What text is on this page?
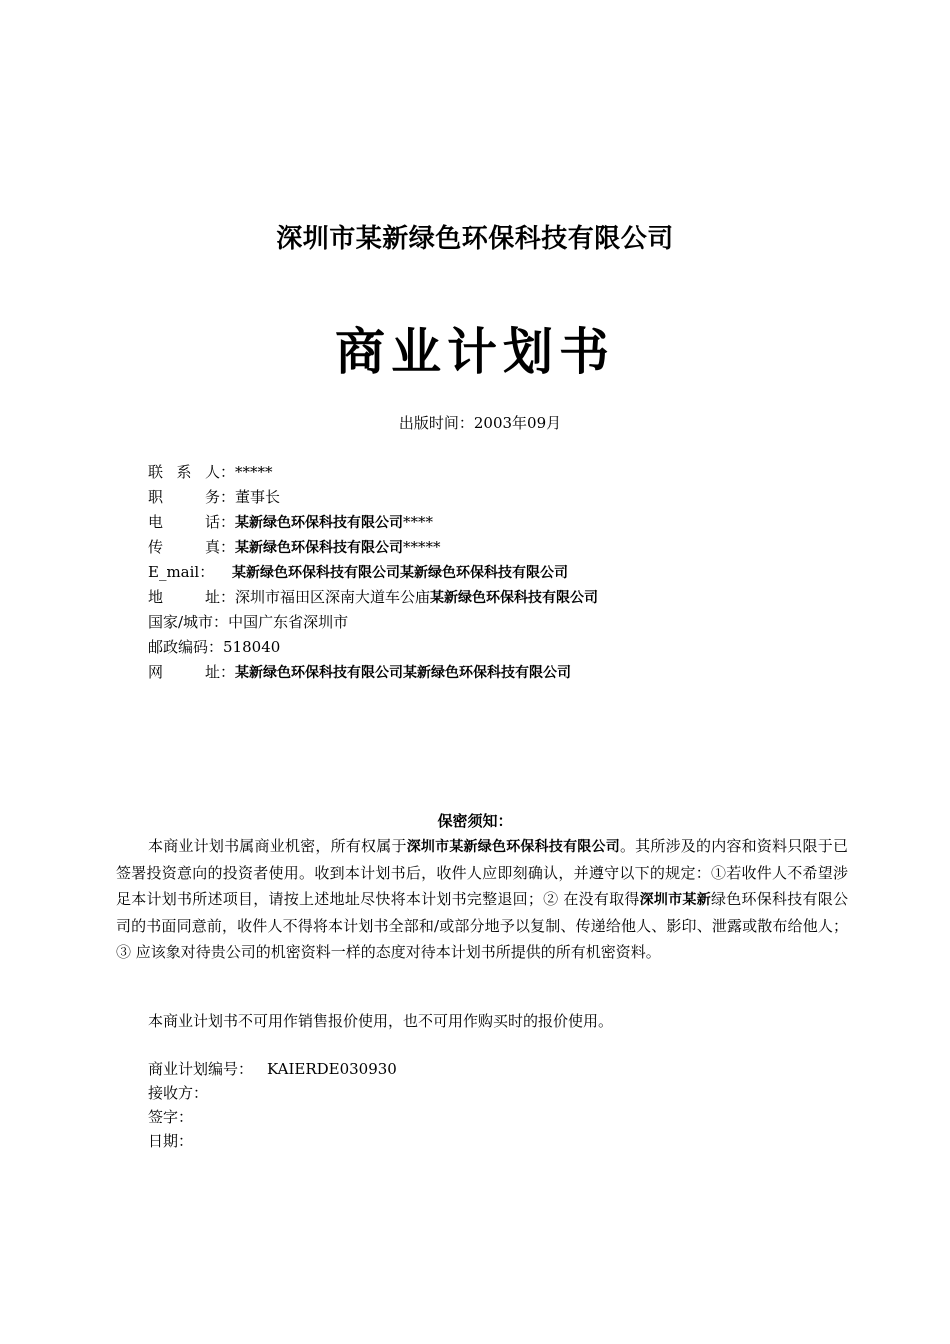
深圳市某新绿色环保科技有限公司
商业计划书
出版时间：2003年09月
联系人：*****
职务：董事长
电话：某新绿色环保科技有限公司****
传真：某新绿色环保科技有限公司*****
E_mail： 某新绿色环保科技有限公司某新绿色环保科技有限公司
地址：深圳市福田区深南大道车公庙某新绿色环保科技有限公司
国家/城市：中国广东省深圳市
邮政编码：518040
网址：某新绿色环保科技有限公司某新绿色环保科技有限公司
保密须知：
本商业计划书属商业机密，所有权属于深圳市某新绿色环保科技有限公司。其所涉及的内容和资料只限于已签署投资意向的投资者使用。收到本计划书后，收件人应即刻确认，并遵守以下的规定：①若收件人不希望涉足本计划书所述项目，请按上述地址尽快将本计划书完整退回；② 在没有取得深圳市某新绿色环保科技有限公司的书面同意前，收件人不得将本计划书全部和/或部分地予以复制、传递给他人、影印、泄露或散布给他人；③ 应该象对待贵公司的机密资料一样的态度对待本计划书所提供的所有机密资料。
本商业计划书不可用作销售报价使用，也不可用作购买时的报价使用。
商业计划编号： KAIERDE030930
接收方：
签字：
日期：
